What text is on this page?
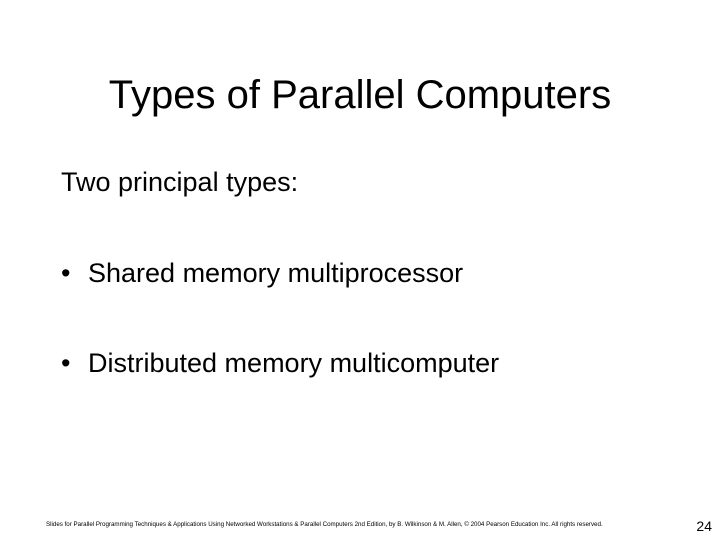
Types of Parallel Computers
Two principal types:
• Shared memory multiprocessor
• Distributed memory multicomputer
Slides for Parallel Programming Techniques & Applications Using Networked Workstations & Parallel Computers 2nd Edition, by B. Wilkinson & M. Allen, © 2004 Pearson Education Inc. All rights reserved.	24
